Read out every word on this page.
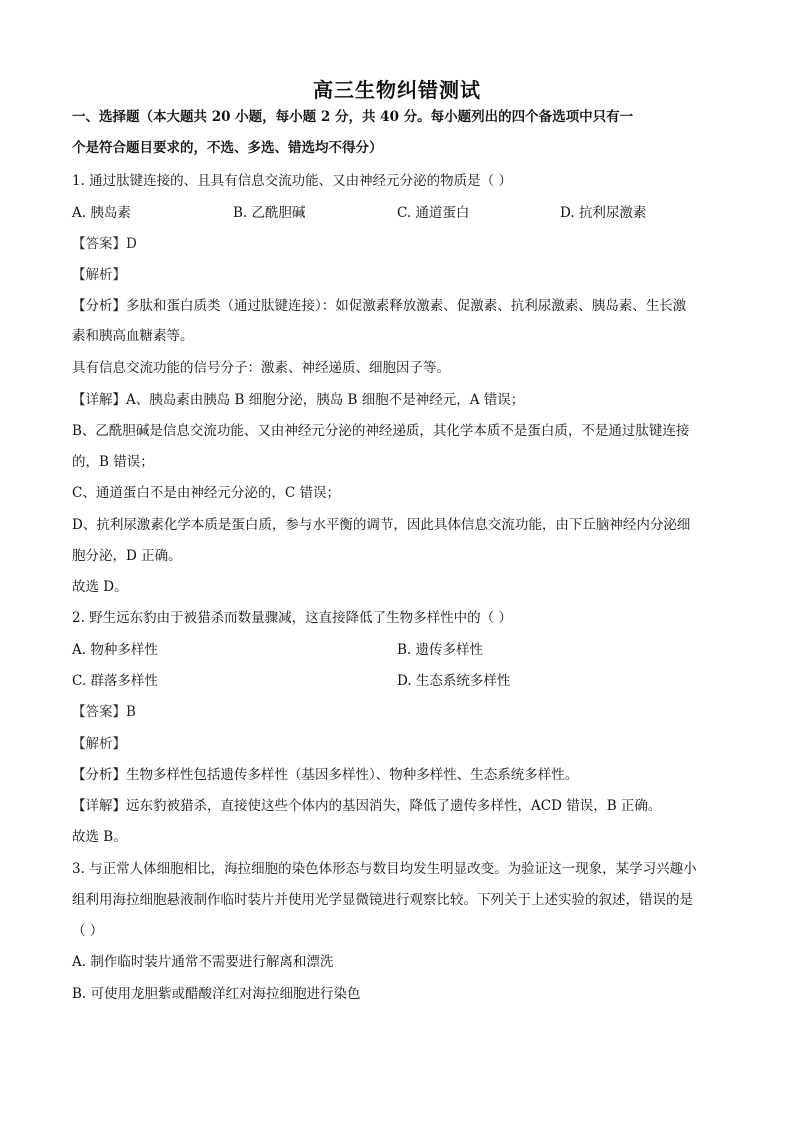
高三生物纠错测试
一、选择题（本大题共 20 小题，每小题 2 分，共 40 分。每小题列出的四个备选项中只有一
个是符合题目要求的，不选、多选、错选均不得分）
1. 通过肽键连接的、且具有信息交流功能、又由神经元分泌的物质是（ ）
A. 胰岛素	B. 乙酰胆碱	C. 通道蛋白	D. 抗利尿激素
【答案】D
【解析】
【分析】多肽和蛋白质类（通过肽键连接）：如促激素释放激素、促激素、抗利尿激素、胰岛素、生长激
素和胰高血糖素等。
具有信息交流功能的信号分子：激素、神经递质、细胞因子等。
【详解】A、胰岛素由胰岛 B 细胞分泌，胰岛 B 细胞不是神经元，A 错误；
B、乙酰胆碱是信息交流功能、又由神经元分泌的神经递质，其化学本质不是蛋白质，不是通过肽键连接
的，B 错误；
C、通道蛋白不是由神经元分泌的，C 错误；
D、抗利尿激素化学本质是蛋白质，参与水平衡的调节，因此具体信息交流功能，由下丘脑神经内分泌细
胞分泌，D 正确。
故选 D。
2. 野生远东豹由于被猎杀而数量骤减，这直接降低了生物多样性中的（ ）
A. 物种多样性	B. 遗传多样性
C. 群落多样性	D. 生态系统多样性
【答案】B
【解析】
【分析】生物多样性包括遗传多样性（基因多样性）、物种多样性、生态系统多样性。
【详解】远东豹被猎杀，直接使这些个体内的基因消失，降低了遗传多样性，ACD 错误，B 正确。
故选 B。
3. 与正常人体细胞相比，海拉细胞的染色体形态与数目均发生明显改变。为验证这一现象，某学习兴趣小
组利用海拉细胞悬液制作临时装片并使用光学显微镜进行观察比较。下列关于上述实验的叙述，错误的是
（ ）
A. 制作临时装片通常不需要进行解离和漂洗
B. 可使用龙胆紫或醋酸洋红对海拉细胞进行染色
